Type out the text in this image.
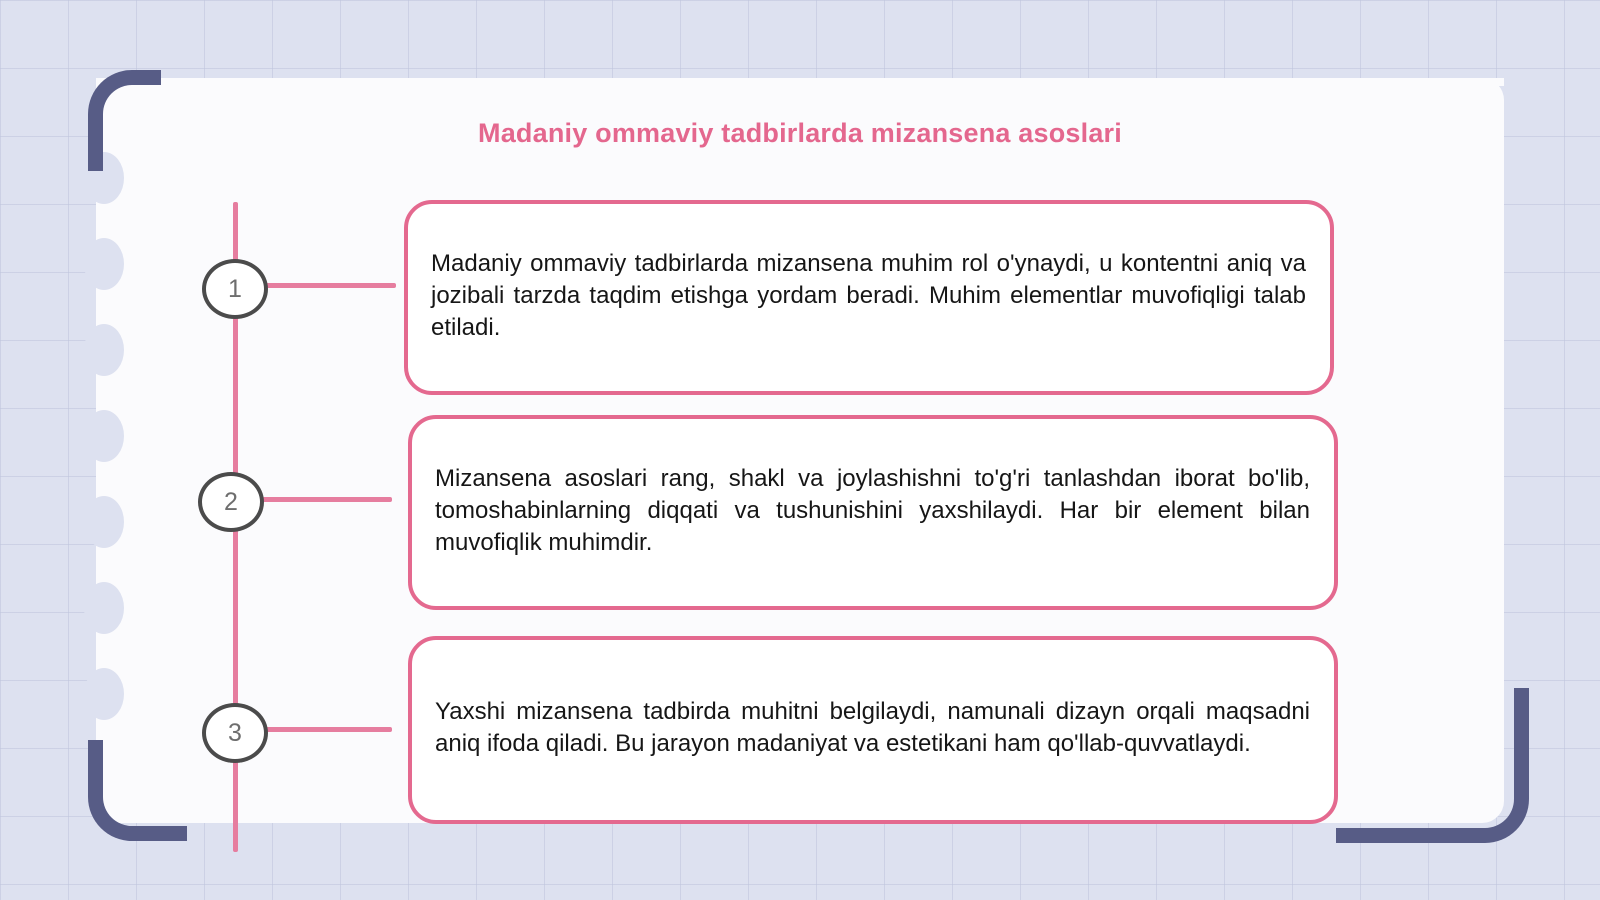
Madaniy ommaviy tadbirlarda mizansena asoslari
1
Madaniy ommaviy tadbirlarda mizansena muhim rol o'ynaydi, u kontentni aniq va jozibali tarzda taqdim etishga yordam beradi. Muhim elementlar muvofiqligi talab etiladi.
2
Mizansena asoslari rang, shakl va joylashishni to'g'ri tanlashdan iborat bo'lib, tomoshabinlarning diqqati va tushunishini yaxshilaydi. Har bir element bilan muvofiqlik muhimdir.
3
Yaxshi mizansena tadbirda muhitni belgilaydi, namunali dizayn orqali maqsadni aniq ifoda qiladi. Bu jarayon madaniyat va estetikani ham qo'llab-quvvatlaydi.
